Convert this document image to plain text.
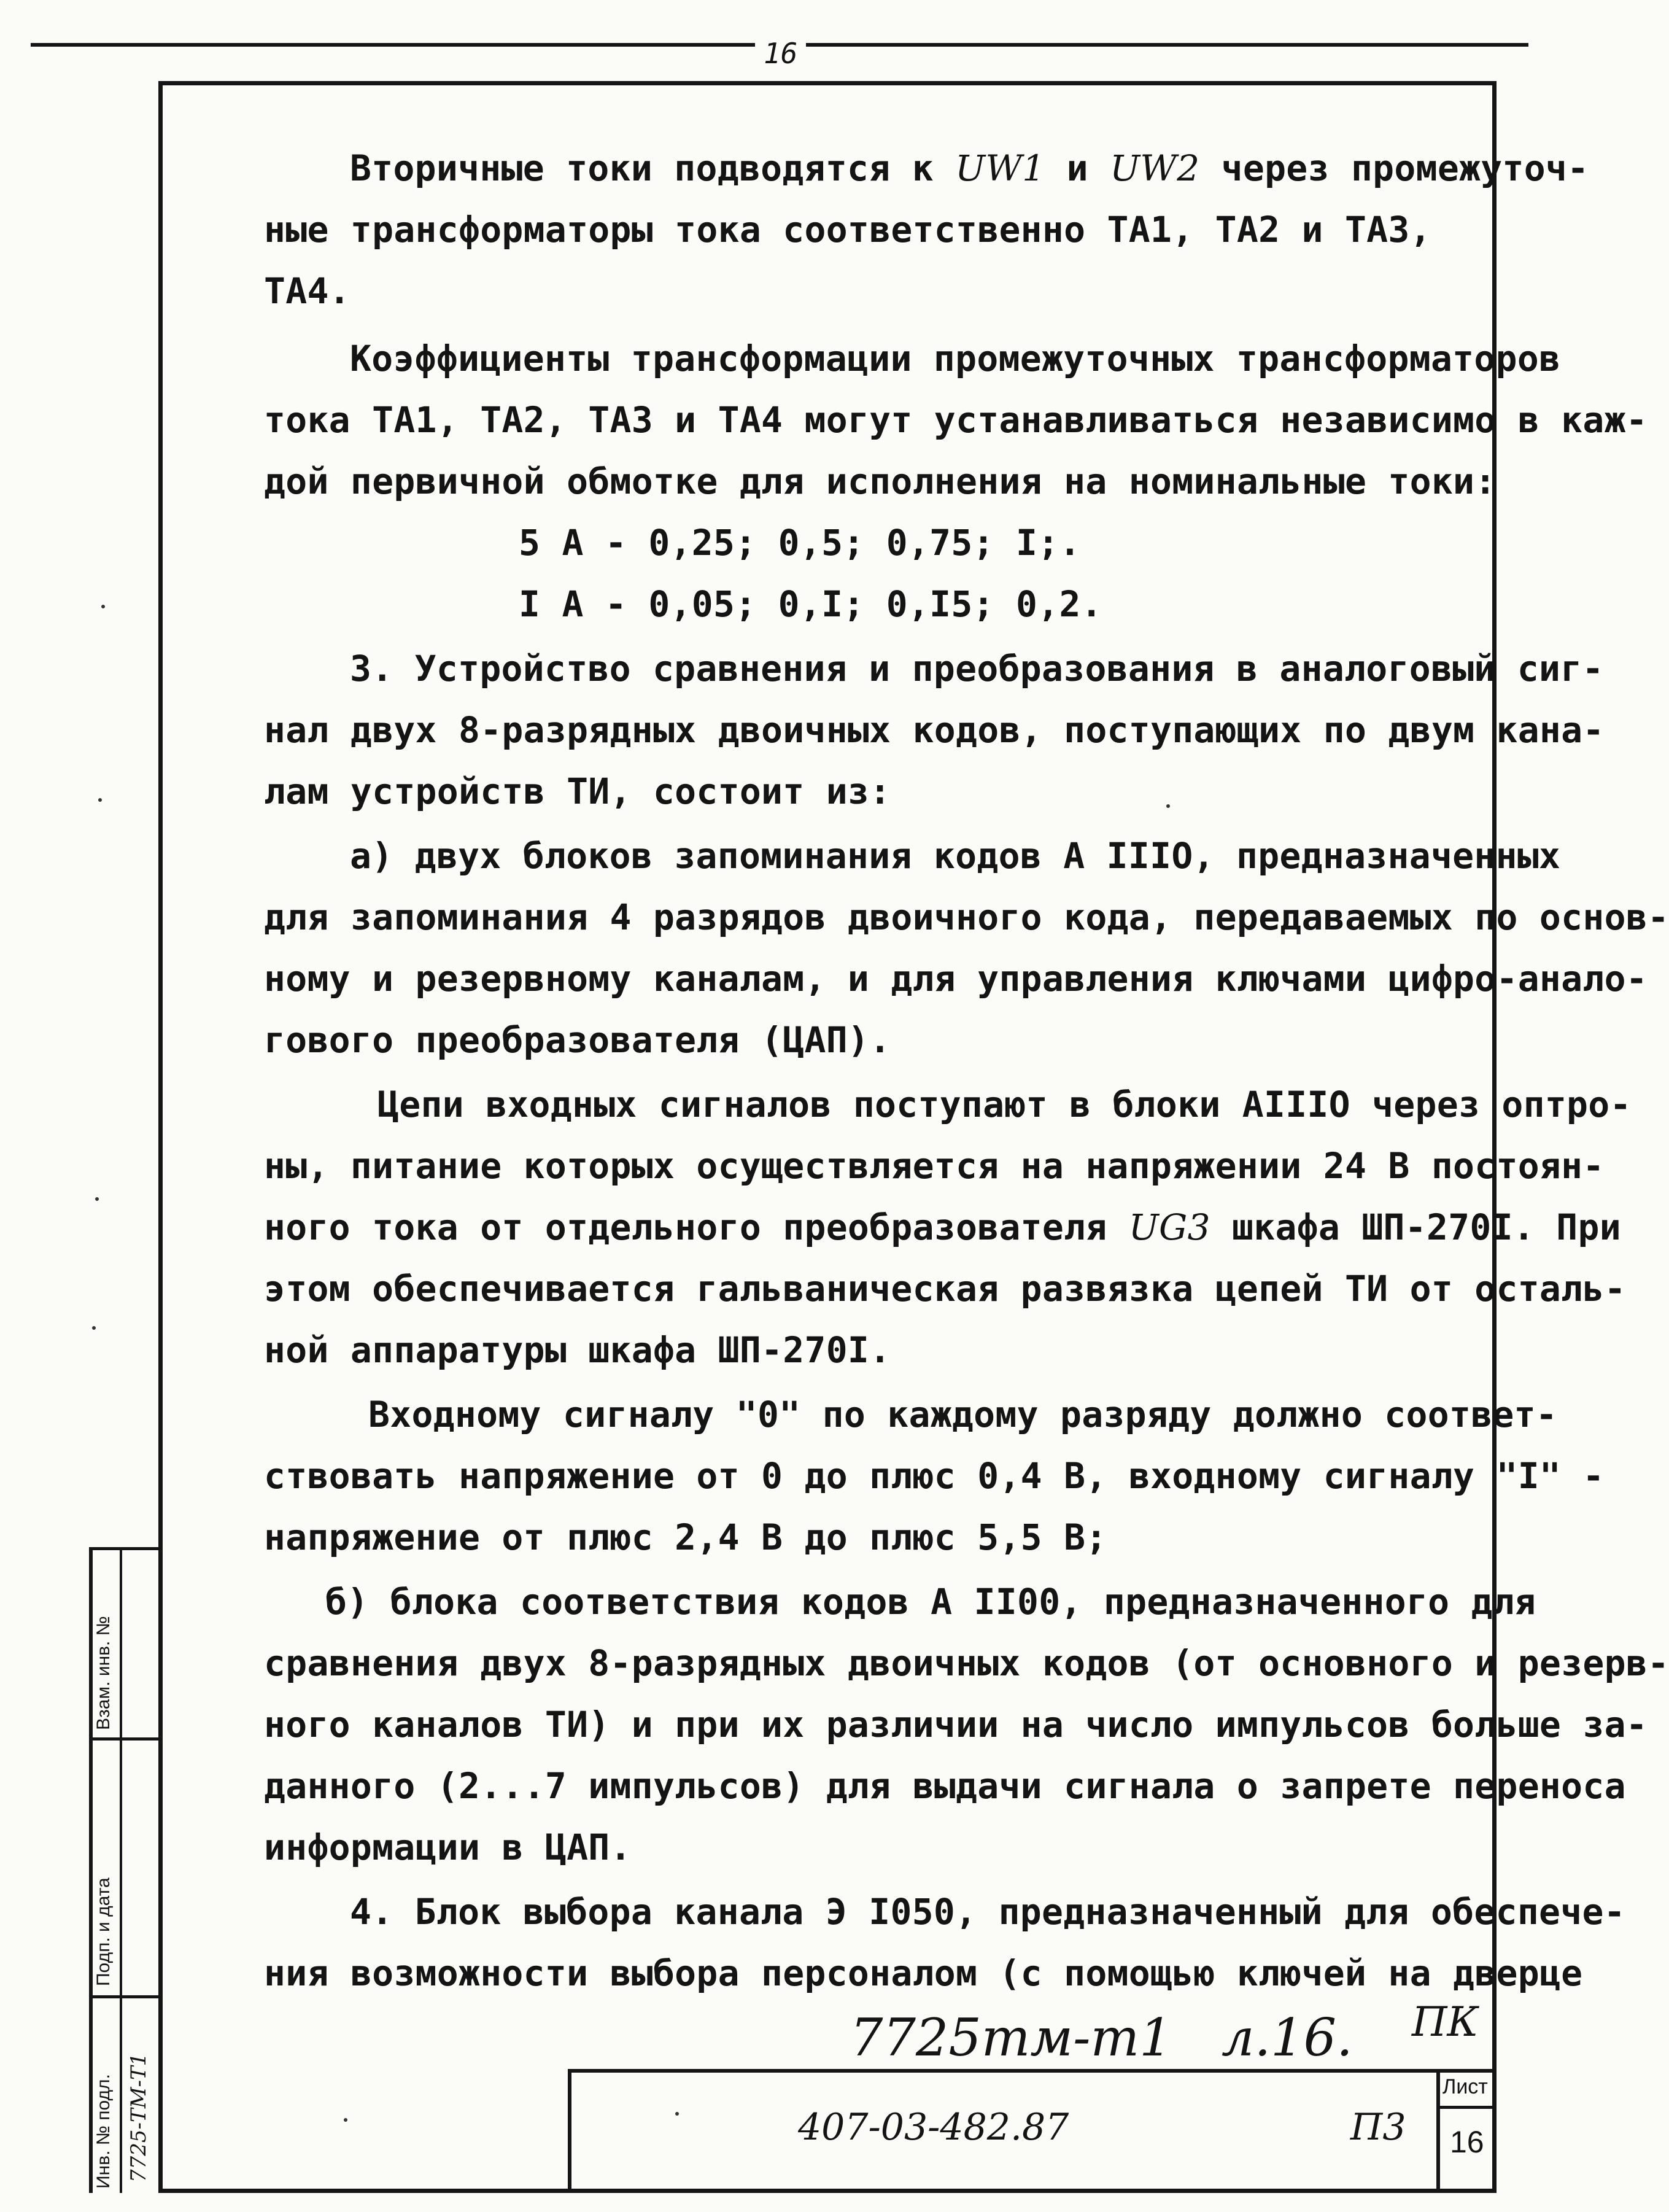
16
Вторичные токи подводятся к UW1 и UW2 через промежуточ-
ные трансформаторы тока соответственно ТА1, ТА2 и ТА3,
ТА4.
Коэффициенты трансформации промежуточных трансформаторов
тока ТА1, ТА2, ТА3 и ТА4 могут устанавливаться независимо в каж-
дой первичной обмотке для исполнения на номинальные токи:
5 А - 0,25; 0,5; 0,75; I;.
I А - 0,05; 0,I; 0,I5; 0,2.
3. Устройство сравнения и преобразования в аналоговый сиг-
нал двух 8-разрядных двоичных кодов, поступающих по двум кана-
лам устройств ТИ, состоит из:
а) двух блоков запоминания кодов А IIIO, предназначенных
для запоминания 4 разрядов двоичного кода, передаваемых по основ-
ному и резервному каналам, и для управления ключами цифро-анало-
гового преобразователя (ЦАП).
Цепи входных сигналов поступают в блоки АIIIO через оптро-
ны, питание которых осуществляется на напряжении 24 В постоян-
ного тока от отдельного преобразователя UG3 шкафа ШП-270I. При
этом обеспечивается гальваническая развязка цепей ТИ от осталь-
ной аппаратуры шкафа ШП-270I.
Входному сигналу "0" по каждому разряду должно соответ-
ствовать напряжение от 0 до плюс 0,4 В, входному сигналу "I" -
напряжение от плюс 2,4 В до плюс 5,5 В;
б) блока соответствия кодов А II00, предназначенного для
сравнения двух 8-разрядных двоичных кодов (от основного и резерв-
ного каналов ТИ) и при их различии на число импульсов больше за-
данного (2...7 импульсов) для выдачи сигнала о запрете переноса
информации в ЦАП.
4. Блок выбора канала Э I050, предназначенный для обеспече-
ния возможности выбора персоналом (с помощью ключей на дверце
7725тм-т1 л.16. ПК
407-03-482.87	П3
Лист
16
Взам. инв. №
Подп. и дата
Инв. № подл. 7725-ТМ-Т1
